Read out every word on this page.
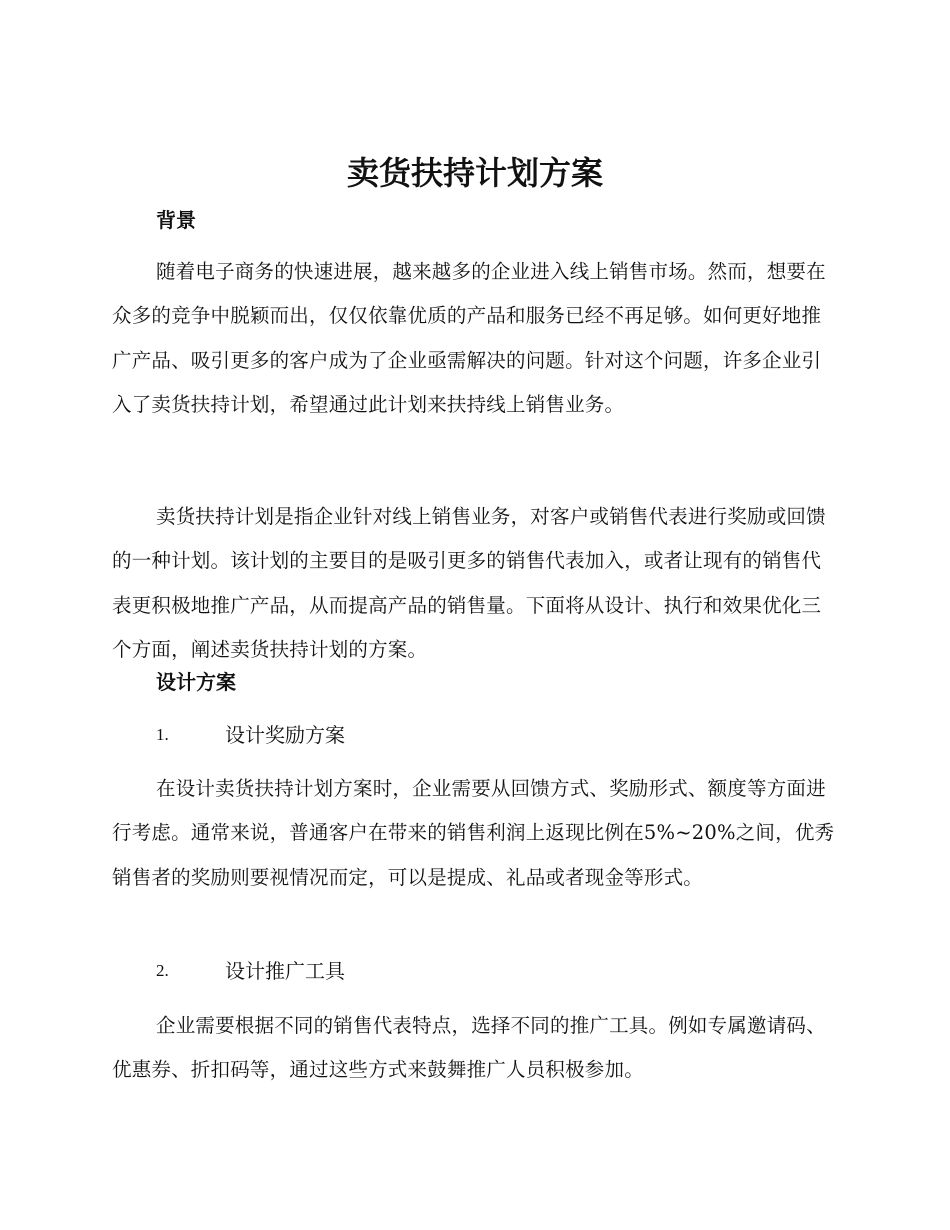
卖货扶持计划方案
背景

随着电子商务的快速进展，越来越多的企业进入线上销售市场。然而，想要在众多的竞争中脱颖而出，仅仅依靠优质的产品和服务已经不再足够。如何更好地推广产品、吸引更多的客户成为了企业亟需解决的问题。针对这个问题，许多企业引入了卖货扶持计划，希望通过此计划来扶持线上销售业务。

卖货扶持计划是指企业针对线上销售业务，对客户或销售代表进行奖励或回馈的一种计划。该计划的主要目的是吸引更多的销售代表加入，或者让现有的销售代表更积极地推广产品，从而提高产品的销售量。下面将从设计、执行和效果优化三个方面，阐述卖货扶持计划的方案。

设计方案
1.	设计奖励方案

在设计卖货扶持计划方案时，企业需要从回馈方式、奖励形式、额度等方面进行考虑。通常来说，普通客户在带来的销售利润上返现比例在5%~20%之间，优秀销售者的奖励则要视情况而定，可以是提成、礼品或者现金等形式。

2.	设计推广工具

企业需要根据不同的销售代表特点，选择不同的推广工具。例如专属邀请码、优惠券、折扣码等，通过这些方式来鼓舞推广人员积极参加。
